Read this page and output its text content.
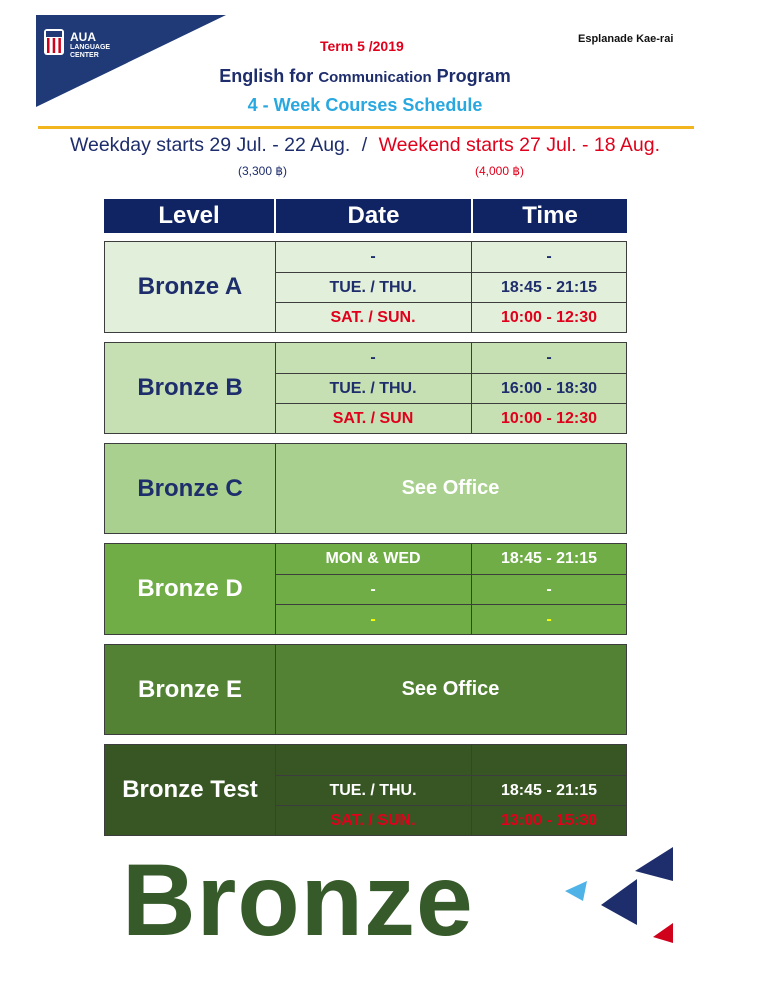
AUA
LANGUAGE
CENTER
Term 5 /2019	Esplanade Kae-rai
English for Communication Program
4 - Week Courses Schedule
Weekday starts 29 Jul. - 22 Aug. / Weekend starts 27 Jul. - 18 Aug.
(3,300 ฿)	(4,000 ฿)
Level	Date	Time
Bronze A
-	-
TUE. / THU.	18:45 - 21:15
SAT. / SUN.	10:00 - 12:30
Bronze B
-	-
TUE. / THU.	16:00 - 18:30
SAT. / SUN	10:00 - 12:30
Bronze C	See Office
Bronze D
MON & WED	18:45 - 21:15
-	-
-	-
Bronze E	See Office
Bronze Test	TUE. / THU.	18:45 - 21:15
SAT. / SUN.	13:00 - 15:30
Bronze
